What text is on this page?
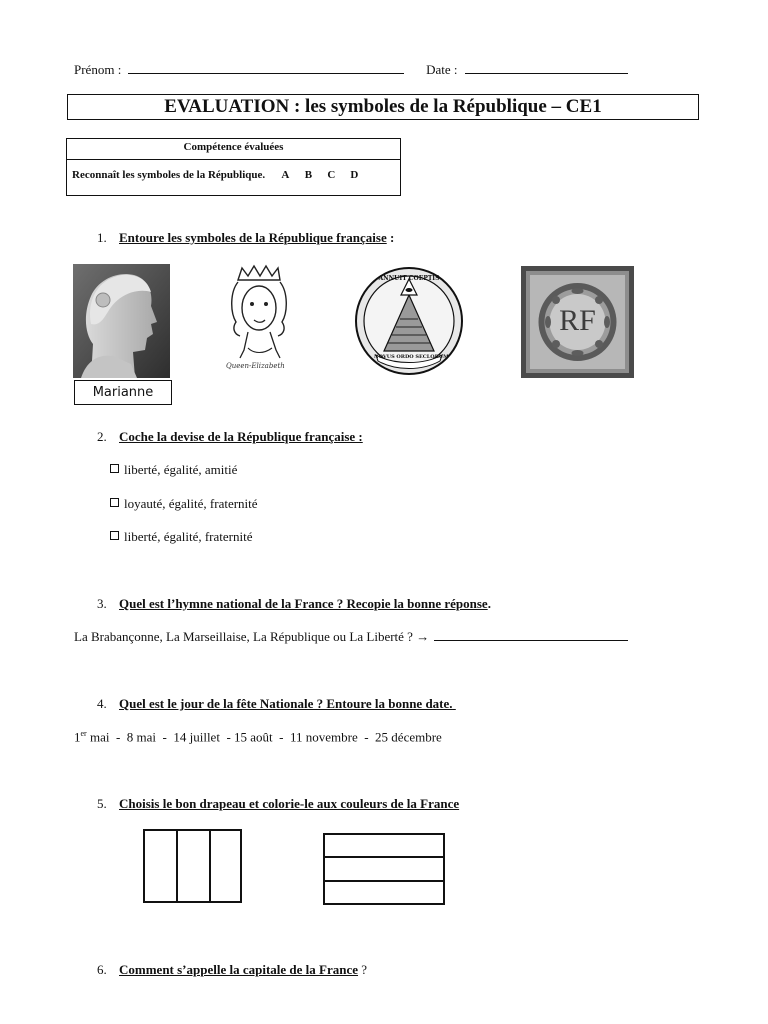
Prénom :	Date :
EVALUATION : les symboles de la République – CE1
Compétence évaluées
Reconnaît les symboles de la République. A B C D
1. Entoure les symboles de la République française :
Marianne
Queen-Elizabeth
ANNUIT COEPTIS
NOVUS ORDO SECLORUM
RF
2. Coche la devise de la République française :
liberté, égalité, amitié
loyauté, égalité, fraternité
liberté, égalité, fraternité
3. Quel est l’hymne national de la France ? Recopie la bonne réponse.
La Brabançonne, La Marseillaise, La République ou La Liberté ? →
4. Quel est le jour de la fête Nationale ? Entoure la bonne date.
1er mai  -  8 mai  -  14 juillet  - 15 août  -  11 novembre  -  25 décembre
5. Choisis le bon drapeau et colorie-le aux couleurs de la France
6. Comment s’appelle la capitale de la France ?
